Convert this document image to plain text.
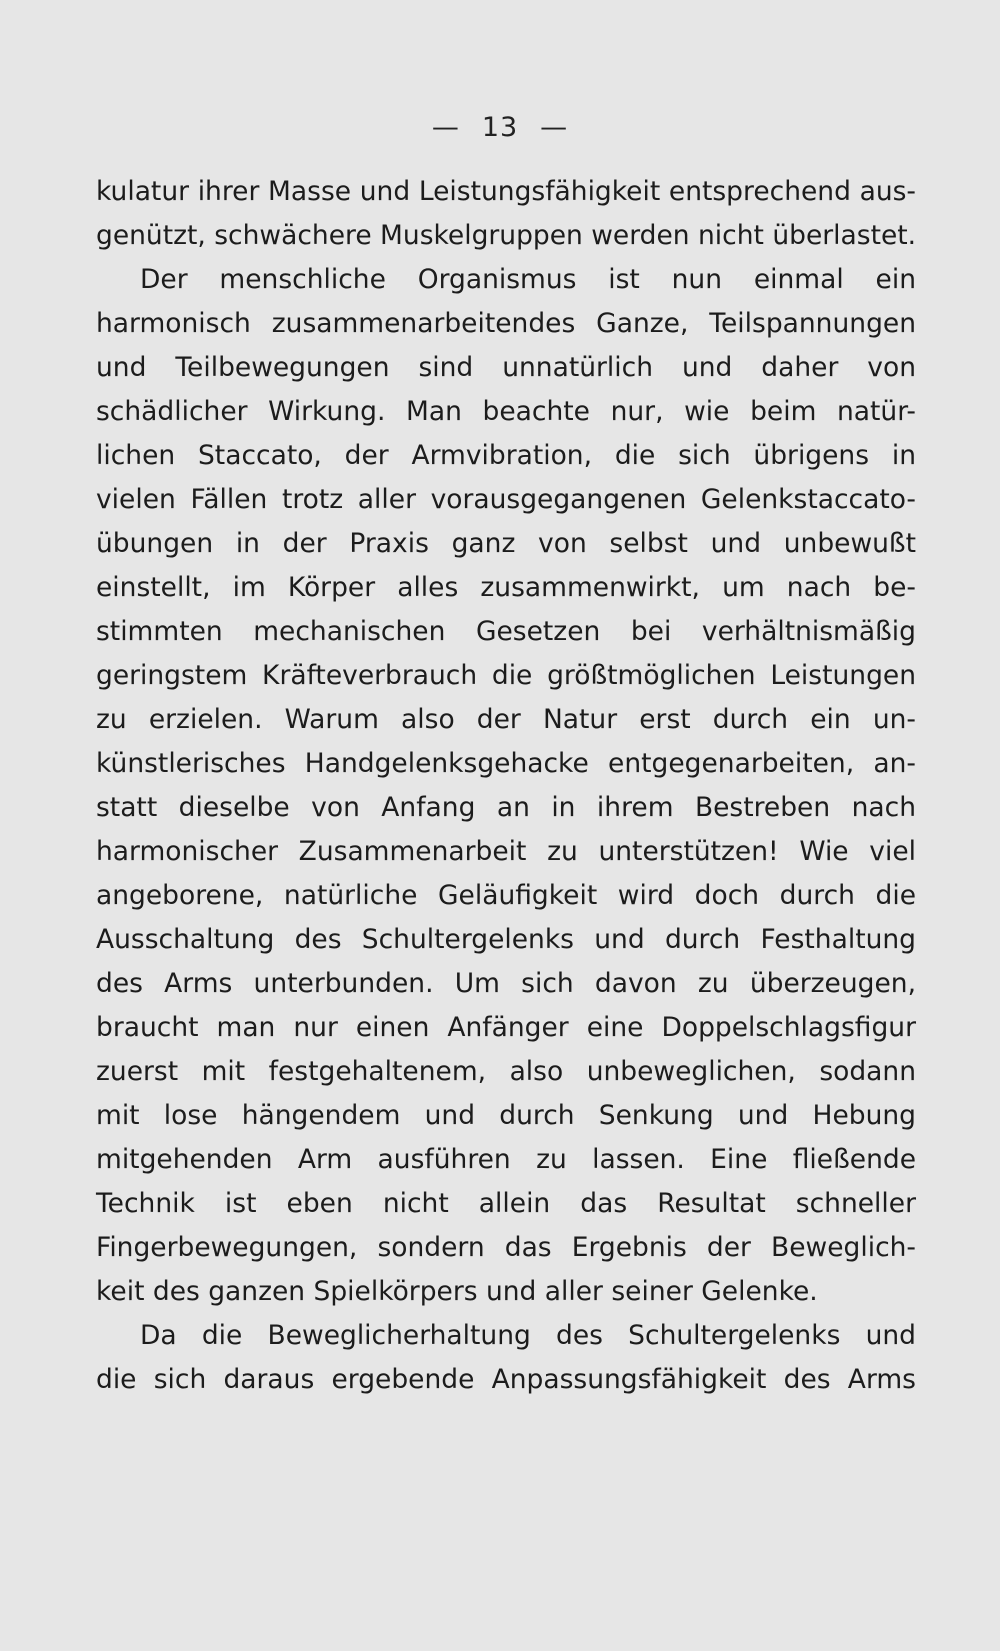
— 13 —
kulatur ihrer Masse und Leistungsfähigkeit entsprechend aus-
genützt, schwächere Muskelgruppen werden nicht überlastet.
Der menschliche Organismus ist nun einmal ein
harmonisch zusammenarbeitendes Ganze, Teilspannungen
und Teilbewegungen sind unnatürlich und daher von
schädlicher Wirkung. Man beachte nur, wie beim natür-
lichen Staccato, der Armvibration, die sich übrigens in
vielen Fällen trotz aller vorausgegangenen Gelenkstaccato-
übungen in der Praxis ganz von selbst und unbewußt
einstellt, im Körper alles zusammenwirkt, um nach be-
stimmten mechanischen Gesetzen bei verhältnismäßig
geringstem Kräfteverbrauch die größtmöglichen Leistungen
zu erzielen. Warum also der Natur erst durch ein un-
künstlerisches Handgelenksgehacke entgegenarbeiten, an-
statt dieselbe von Anfang an in ihrem Bestreben nach
harmonischer Zusammenarbeit zu unterstützen! Wie viel
angeborene, natürliche Geläufigkeit wird doch durch die
Ausschaltung des Schultergelenks und durch Festhaltung
des Arms unterbunden. Um sich davon zu überzeugen,
braucht man nur einen Anfänger eine Doppelschlagsfigur
zuerst mit festgehaltenem, also unbeweglichen, sodann
mit lose hängendem und durch Senkung und Hebung
mitgehenden Arm ausführen zu lassen. Eine fließende
Technik ist eben nicht allein das Resultat schneller
Fingerbewegungen, sondern das Ergebnis der Beweglich-
keit des ganzen Spielkörpers und aller seiner Gelenke.
Da die Beweglicherhaltung des Schultergelenks und
die sich daraus ergebende Anpassungsfähigkeit des Arms
